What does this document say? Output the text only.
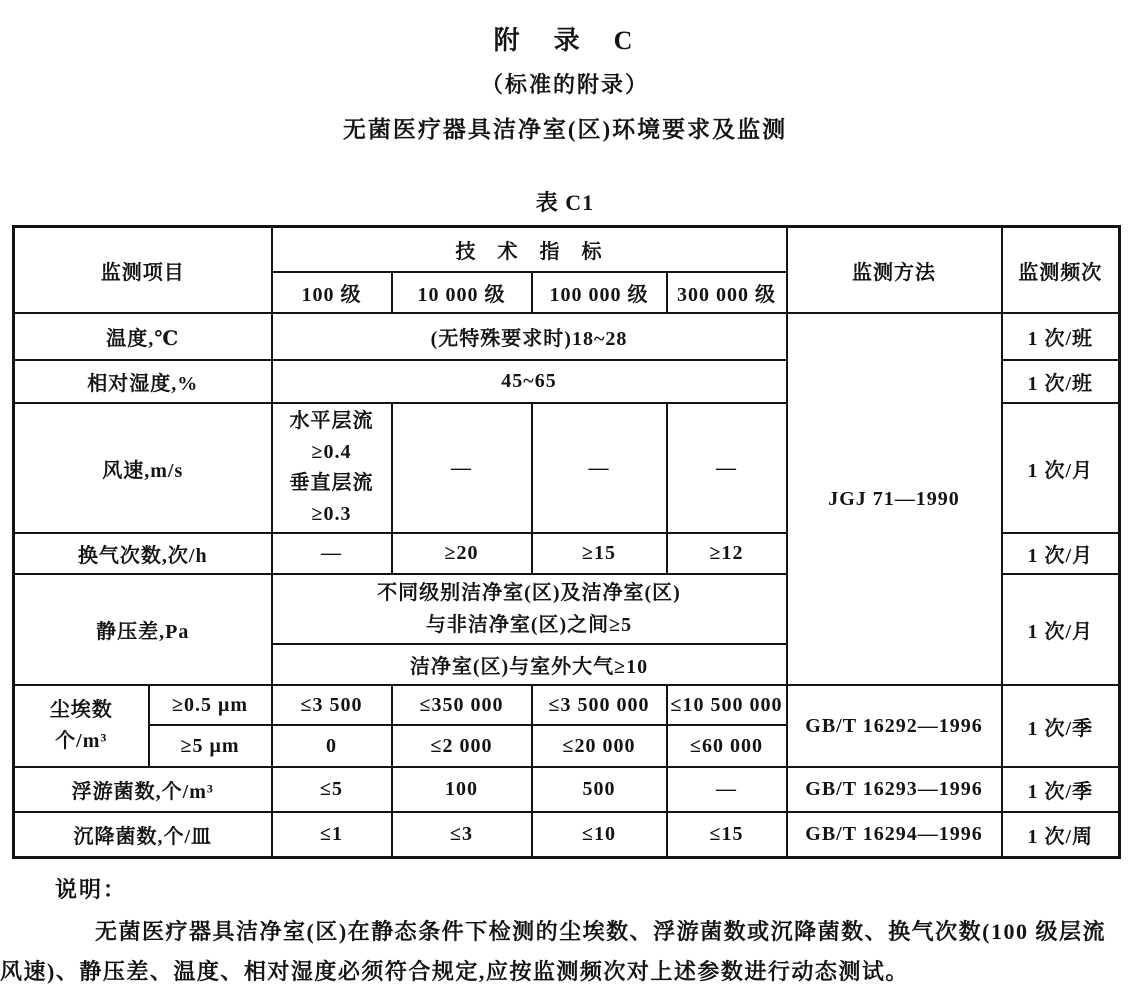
附　录　C
（标准的附录）
无菌医疗器具洁净室(区)环境要求及监测
表 C1
监测项目		技　术　指　标				监测方法	监测频次
		100 级	10 000 级	100 000 级	300 000 级		
温度,℃		(无特殊要求时)18~28				JGJ 71—1990	1 次/班
相对湿度,%		45~65					1 次/班
风速,m/s		水平层流
≥0.4
垂直层流
≥0.3	—	—	—		1 次/月
换气次数,次/h		—	≥20	≥15	≥12		1 次/月
静压差,Pa		不同级别洁净室(区)及洁净室(区)
与非洁净室(区)之间≥5					1 次/月
		洁净室(区)与室外大气≥10					

尘埃数
个/m³	≥0.5 μm	≤3 500	≤350 000	≤3 500 000	≤10 500 000	GB/T 16292—1996	1 次/季
	≥5 μm	0	≤2 000	≤20 000	≤60 000		
浮游菌数,个/m³		≤5	100	500	—	GB/T 16293—1996	1 次/季
沉降菌数,个/皿		≤1	≤3	≤10	≤15	GB/T 16294—1996	1 次/周
说明：

无菌医疗器具洁净室(区)在静态条件下检测的尘埃数、浮游菌数或沉降菌数、换气次数(100 级层流风速)、静压差、温度、相对湿度必须符合规定,应按监测频次对上述参数进行动态测试。
